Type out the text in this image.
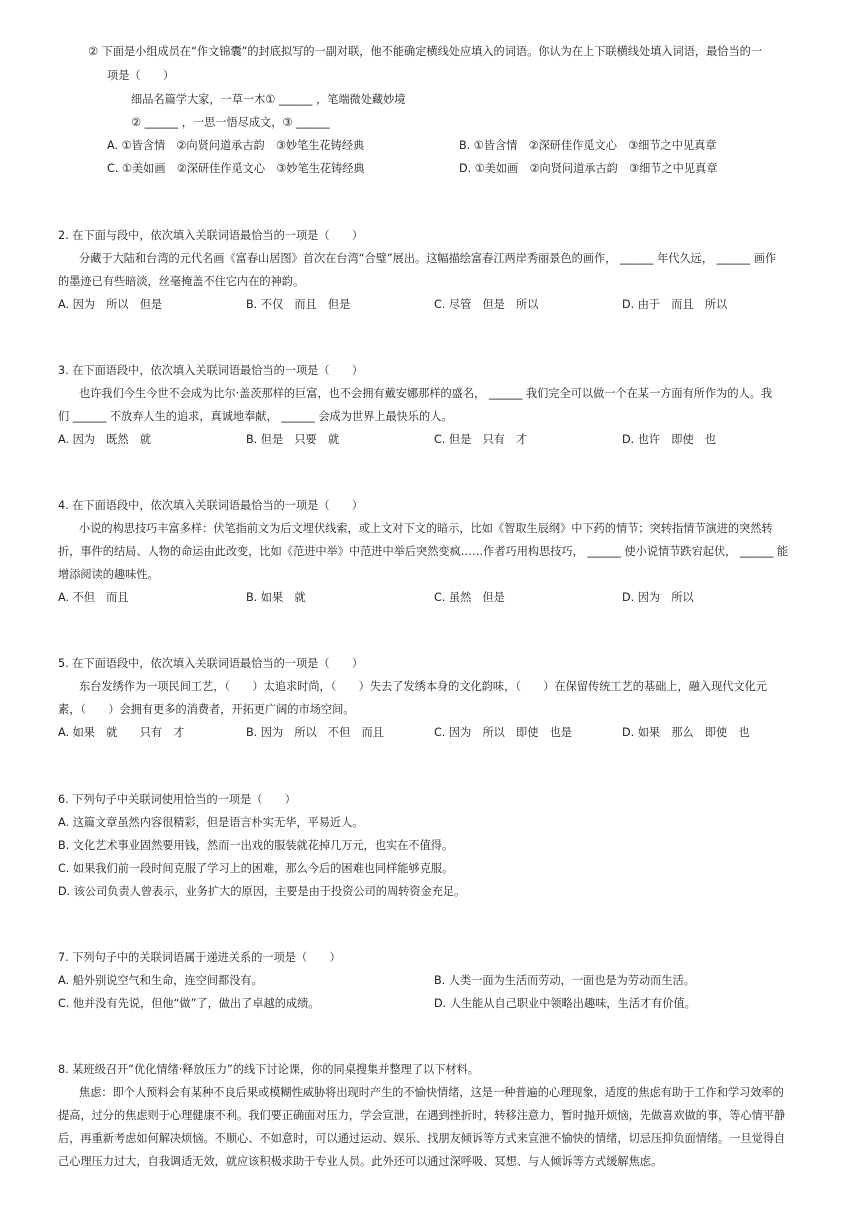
② 下面是小组成员在“作文锦囊”的封底拟写的一副对联，他不能确定横线处应填入的词语。你认为在上下联横线处填入词语，最恰当的一
项是（　　）
细品名篇学大家，一草一木① ______ ，笔端微处藏妙境
② ______ ，一思一悟尽成文，③ ______
A. ①皆含情　②向贤问道承古韵　③妙笔生花铸经典	B. ①皆含情　②深研佳作觅文心　③细节之中见真章
C. ①美如画　②深研佳作觅文心　③妙笔生花铸经典	D. ①美如画　②向贤问道承古韵　③细节之中见真章
2. 在下面与段中，依次填入关联词语最恰当的一项是（　　）
分藏于大陆和台湾的元代名画《富春山居图》首次在台湾“合璧”展出。这幅描绘富春江两岸秀丽景色的画作， ______ 年代久远， ______ 画作
的墨迹已有些暗淡，丝毫掩盖不住它内在的神韵。
A. 因为　所以　但是	B. 不仅　而且　但是	C. 尽管　但是　所以	D. 由于　而且　所以
3. 在下面语段中，依次填入关联词语最恰当的一项是（　　）
也许我们今生今世不会成为比尔·盖茨那样的巨富，也不会拥有戴安娜那样的盛名， ______ 我们完全可以做一个在某一方面有所作为的人。我
们 ______ 不放弃人生的追求，真诚地奉献， ______ 会成为世界上最快乐的人。
A. 因为　既然　就	B. 但是　只要　就	C. 但是　只有　才	D. 也许　即使　也
4. 在下面语段中，依次填入关联词语最恰当的一项是（　　）
小说的构思技巧丰富多样：伏笔指前文为后文埋伏线索，或上文对下文的暗示，比如《智取生辰纲》中下药的情节；突转指情节演进的突然转
折，事件的结局、人物的命运由此改变，比如《范进中举》中范进中举后突然变疯……作者巧用构思技巧， ______ 使小说情节跌宕起伏， ______ 能
增添阅读的趣味性。
A. 不但　而且	B. 如果　就	C. 虽然　但是	D. 因为　所以
5. 在下面语段中，依次填入关联词语最恰当的一项是（　　）
东台发绣作为一项民间工艺，（　　）太追求时尚，（　　）失去了发绣本身的文化韵味，（　　）在保留传统工艺的基础上，融入现代文化元
素，（　　）会拥有更多的消费者，开拓更广阔的市场空间。
A. 如果　就　　只有　才	B. 因为　所以　不但　而且	C. 因为　所以　即使　也是	D. 如果　那么　即使　也
6. 下列句子中关联词使用恰当的一项是（　　）
A. 这篇文章虽然内容很精彩，但是语言朴实无华，平易近人。
B. 文化艺术事业固然要用钱，然而一出戏的服装就花掉几万元，也实在不值得。
C. 如果我们前一段时间克服了学习上的困难，那么今后的困难也同样能够克服。
D. 该公司负责人曾表示，业务扩大的原因，主要是由于投资公司的周转资金充足。
7. 下列句子中的关联词语属于递进关系的一项是（　　）
A. 船外别说空气和生命，连空间都没有。	B. 人类一面为生活而劳动，一面也是为劳动而生活。
C. 他并没有先说，但他“做”了，做出了卓越的成绩。	D. 人生能从自己职业中领略出趣味，生活才有价值。
8. 某班级召开“优化情绪·释放压力”的线下讨论课，你的同桌搜集并整理了以下材料。
焦虑：即个人预料会有某种不良后果或模糊性威胁将出现时产生的不愉快情绪，这是一种普遍的心理现象，适度的焦虑有助于工作和学习效率的
提高，过分的焦虑则于心理健康不利。我们要正确面对压力，学会宣泄，在遇到挫折时，转移注意力，暂时抛开烦恼，先做喜欢做的事，等心情平静
后，再重新考虑如何解决烦恼。不顺心、不如意时，可以通过运动、娱乐、找朋友倾诉等方式来宣泄不愉快的情绪，切忌压抑负面情绪。一旦觉得自
己心理压力过大，自我调适无效，就应该积极求助于专业人员。此外还可以通过深呼吸、冥想、与人倾诉等方式缓解焦虑。
